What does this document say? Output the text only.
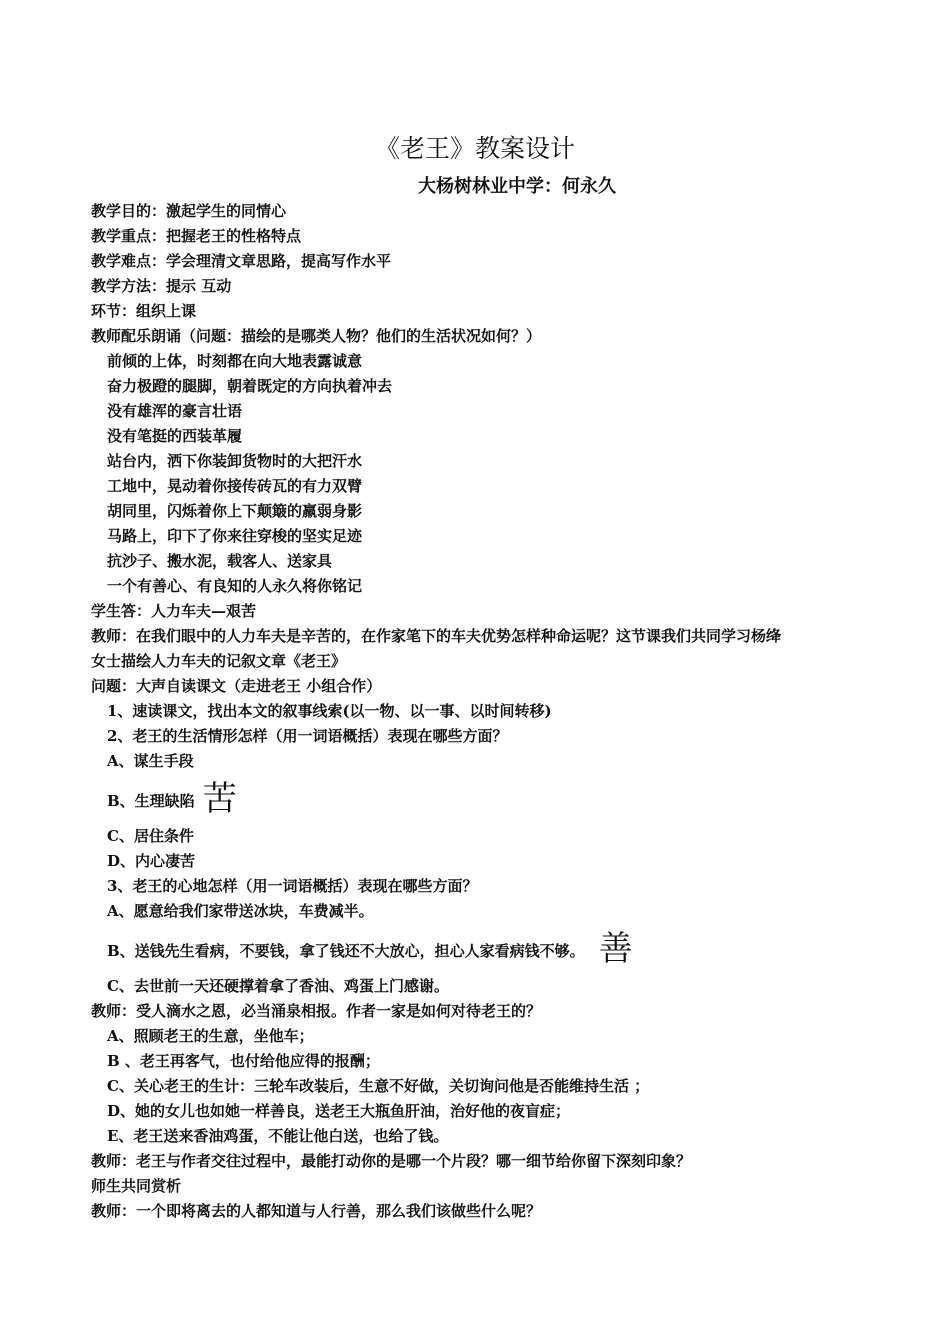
《老王》教案设计
大杨树林业中学：何永久
教学目的：激起学生的同情心
教学重点：把握老王的性格特点
教学难点：学会理清文章思路，提高写作水平
教学方法：提示 互动
环节：组织上课
教师配乐朗诵（问题：描绘的是哪类人物？他们的生活状况如何？）
前倾的上体，时刻都在向大地表露诚意
奋力极蹬的腿脚，朝着既定的方向执着冲去
没有雄浑的豪言壮语
没有笔挺的西装革履
站台内，洒下你装卸货物时的大把汗水
工地中，晃动着你接传砖瓦的有力双臂
胡同里，闪烁着你上下颠簸的羸弱身影
马路上，印下了你来往穿梭的坚实足迹
抗沙子、搬水泥，载客人、送家具
一个有善心、有良知的人永久将你铭记
学生答：人力车夫—艰苦
教师：在我们眼中的人力车夫是辛苦的，在作家笔下的车夫优势怎样种命运呢？这节课我们共同学习杨绛
女士描绘人力车夫的记叙文章《老王》
问题：大声自读课文（走进老王 小组合作）
1、速读课文，找出本文的叙事线索(以一物、以一事、以时间转移)
2、老王的生活情形怎样（用一词语概括）表现在哪些方面？
A、谋生手段
B、生理缺陷 苦
C、居住条件
D、内心凄苦
3、老王的心地怎样（用一词语概括）表现在哪些方面？
A、愿意给我们家带送冰块，车费减半。
B、送钱先生看病，不要钱，拿了钱还不大放心，担心人家看病钱不够。 善
C、去世前一天还硬撑着拿了香油、鸡蛋上门感谢。
教师：受人滴水之恩，必当涌泉相报。作者一家是如何对待老王的？
A、照顾老王的生意，坐他车；
B 、老王再客气，也付给他应得的报酬；
C、关心老王的生计：三轮车改装后，生意不好做，关切询问他是否能维持生活 ；
D、她的女儿也如她一样善良，送老王大瓶鱼肝油，治好他的夜盲症；
E、老王送来香油鸡蛋，不能让他白送，也给了钱。
教师：老王与作者交往过程中，最能打动你的是哪一个片段？哪一细节给你留下深刻印象？
师生共同赏析
教师：一个即将离去的人都知道与人行善，那么我们该做些什么呢？
